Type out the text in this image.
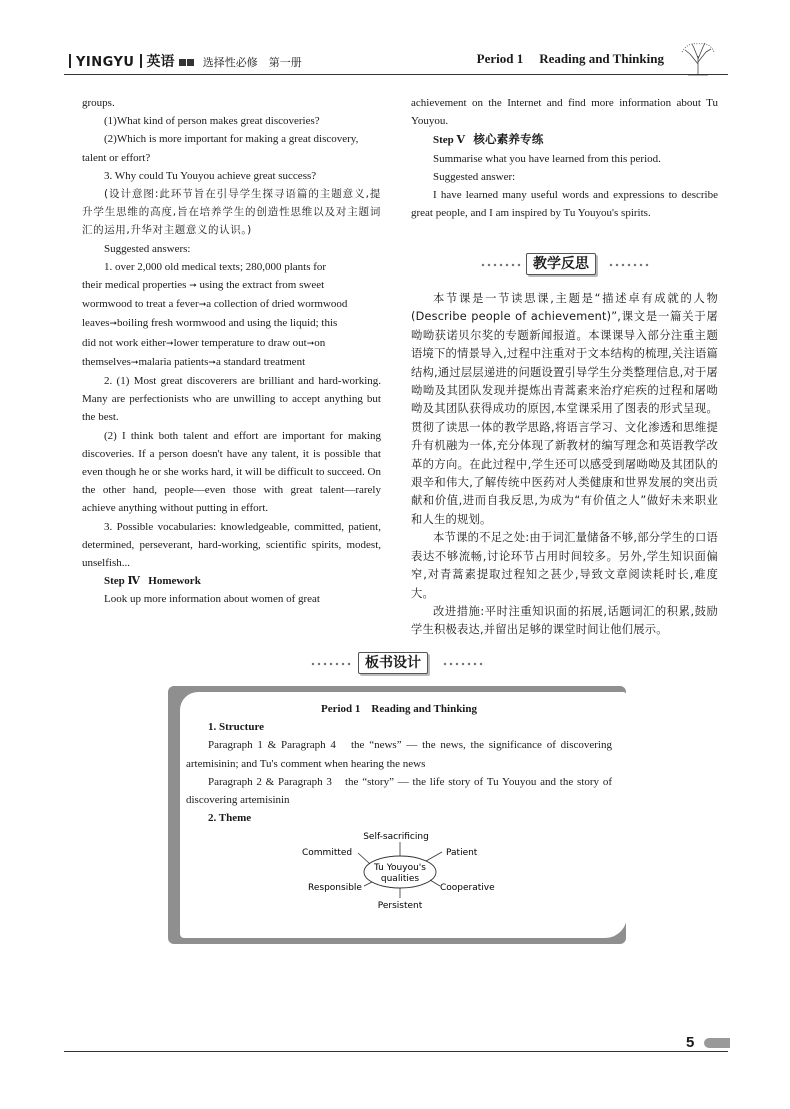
YINGYU 英语	选择性必修　第一册	Period 1 Reading and Thinking

groups.

(1)What kind of person makes great discoveries?

(2)Which is more important for making a great discovery,

talent or effort?

3. Why could Tu Youyou achieve great success?

(设计意图:此环节旨在引导学生探寻语篇的主题意义,提升学生思维的高度,旨在培养学生的创造性思维以及对主题词汇的运用,升华对主题意义的认识。)

Suggested answers:

1. over 2,000 old medical texts; 280,000 plants for

their medical properties ➞ using the extract from sweet

wormwood to treat a fever➞a collection of dried wormwood

leaves➞boiling fresh wormwood and using the liquid; this

did not work either➞lower temperature to draw out➞on

themselves➞malaria patients➞a standard treatment

2. (1) Most great discoverers are brilliant and hard-working. Many are perfectionists who are unwilling to accept anything but the best.

(2) I think both talent and effort are important for making discoveries. If a person doesn't have any talent, it is possible that even though he or she works hard, it will be difficult to succeed. On the other hand, people—even those with great talent—rarely achieve anything without putting in effort.

3. Possible vocabularies: knowledgeable, committed, patient, determined, perseverant, hard-working, scientific spirits, modest, unselfish...

Step Ⅳ Homework

Look up more information about women of great

achievement on the Internet and find more information about Tu Youyou.

Step Ⅴ 核心素养专练

Summarise what you have learned from this period.

Suggested answer:

I have learned many useful words and expressions to describe great people, and I am inspired by Tu Youyou's spirits.

教学反思

本节课是一节读思课,主题是“描述卓有成就的人物(Describe people of achievement)”,课文是一篇关于屠呦呦获诺贝尔奖的专题新闻报道。本课课导入部分注重主题语境下的情景导入,过程中注重对于文本结构的梳理,关注语篇结构,通过层层递进的问题设置引导学生分类整理信息,对于屠呦呦及其团队发现并提炼出青蒿素来治疗疟疾的过程和屠呦呦及其团队获得成功的原因,本堂课采用了图表的形式呈现。贯彻了读思一体的教学思路,将语言学习、文化渗透和思维提升有机融为一体,充分体现了新教材的编写理念和英语教学改革的方向。在此过程中,学生还可以感受到屠呦呦及其团队的艰辛和伟大,了解传统中医药对人类健康和世界发展的突出贡献和价值,进而自我反思,为成为“有价值之人”做好未来职业和人生的规划。

本节课的不足之处:由于词汇量储备不够,部分学生的口语表达不够流畅,讨论环节占用时间较多。另外,学生知识面偏窄,对青蒿素提取过程知之甚少,导致文章阅读耗时长,难度大。

改进措施:平时注重知识面的拓展,话题词汇的积累,鼓励学生积极表达,并留出足够的课堂时间让他们展示。

板书设计

Period 1　Reading and Thinking

1. Structure

Paragraph 1 & Paragraph 4　the “news” — the news, the significance of discovering artemisinin; and Tu's comment when hearing the news

Paragraph 2 & Paragraph 3　the “story” — the life story of Tu Youyou and the story of discovering artemisinin

2. Theme

Tu Youyou's
qualities
Self-sacrificing
Patient
Cooperative
Persistent
Responsible
Committed
5
